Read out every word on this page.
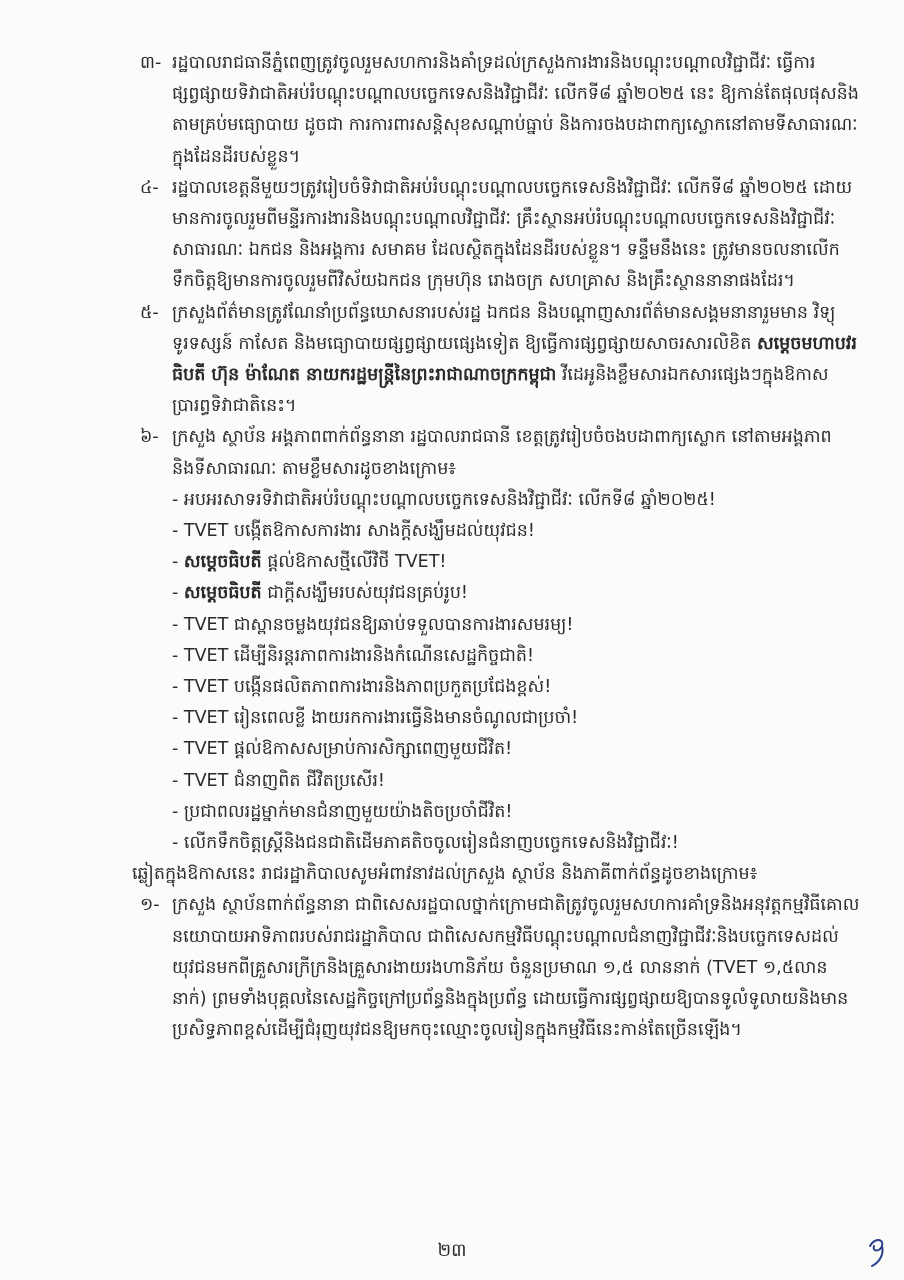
៣- រដ្ឋបាលរាជធានីភ្នំពេញត្រូវចូលរួមសហការនិងគាំទ្រដល់ក្រសួងការងារនិងបណ្តុះបណ្តាលវិជ្ជាជីវៈ ធ្វើការផ្សព្វផ្សាយទិវាជាតិអប់រំបណ្តុះបណ្តាលបច្ចេកទេសនិងវិជ្ជាជីវៈ លើកទី៨ ឆ្នាំ២០២៥ នេះ ឱ្យកាន់តែផុលផុសនិងតាមគ្រប់មធ្យោបាយ ដូចជា ការការពារសន្តិសុខសណ្តាប់ធ្នាប់ និងការចងបដាពាក្យស្លោកនៅតាមទីសាធារណៈក្នុងដែនដីរបស់ខ្លួន។
៤- រដ្ឋបាលខេត្តនីមួយៗត្រូវរៀបចំទិវាជាតិអប់រំបណ្តុះបណ្តាលបច្ចេកទេសនិងវិជ្ជាជីវៈ លើកទី៨ ឆ្នាំ២០២៥ ដោយមានការចូលរួមពីមន្ទីរការងារនិងបណ្តុះបណ្តាលវិជ្ជាជីវៈ គ្រឹះស្ថានអប់រំបណ្តុះបណ្តាលបច្ចេកទេសនិងវិជ្ជាជីវៈសាធារណៈ ឯកជន និងអង្គការ សមាគម ដែលស្ថិតក្នុងដែនដីរបស់ខ្លួន។ ទន្ទឹមនឹងនេះ ត្រូវមានចលនាលើកទឹកចិត្តឱ្យមានការចូលរួមពីវិស័យឯកជន ក្រុមហ៊ុន រោងចក្រ សហគ្រាស និងគ្រឹះស្ថាននានាផងដែរ។
៥- ក្រសួងព័ត៌មានត្រូវណែនាំប្រព័ន្ធឃោសនារបស់រដ្ឋ ឯកជន និងបណ្តាញសារព័ត៌មានសង្គមនានារួមមាន វិទ្យុ ទូរទស្សន៍ កាសែត និងមធ្យោបាយផ្សព្វផ្សាយផ្សេងទៀត ឱ្យធ្វើការផ្សព្វផ្សាយសាចរសារលិខិត សម្តេចមហាបវរធិបតី ហ៊ុន ម៉ាណែត នាយករដ្ឋមន្ត្រីនៃព្រះរាជាណាចក្រកម្ពុជា វីដេអូនិងខ្លឹមសារឯកសារផ្សេងៗក្នុងឱកាសប្រារព្ធទិវាជាតិនេះ។
៦- ក្រសួង ស្ថាប័ន អង្គភាពពាក់ព័ន្ធនានា រដ្ឋបាលរាជធានី ខេត្តត្រូវរៀបចំចងបដាពាក្យស្លោក នៅតាមអង្គភាព និងទីសាធារណៈ តាមខ្លឹមសារដូចខាងក្រោម៖
- អបអរសាទរទិវាជាតិអប់រំបណ្តុះបណ្តាលបច្ចេកទេសនិងវិជ្ជាជីវៈ លើកទី៨ ឆ្នាំ២០២៥!
- TVET បង្កើតឱកាសការងារ សាងក្តីសង្ឃឹមដល់យុវជន!
- សម្តេចធិបតី ផ្តល់ឱកាសថ្មីលើវិថី TVET!
- សម្តេចធិបតី ជាក្តីសង្ឃឹមរបស់យុវជនគ្រប់រូប!
- TVET ជាស្ពានចម្លងយុវជនឱ្យឆាប់ទទួលបានការងារសមរម្យ!
- TVET ដើម្បីនិរន្តរភាពការងារនិងកំណើនសេដ្ឋកិច្ចជាតិ!
- TVET បង្កើនផលិតភាពការងារនិងភាពប្រកួតប្រជែងខ្ពស់!
- TVET រៀនពេលខ្លី ងាយរកការងារធ្វើនិងមានចំណូលជាប្រចាំ!
- TVET ផ្តល់ឱកាសសម្រាប់ការសិក្សាពេញមួយជីវិត!
- TVET ជំនាញពិត ជីវិតប្រសើរ!
- ប្រជាពលរដ្ឋម្នាក់មានជំនាញមួយយ៉ាងតិចប្រចាំជីវិត!
- លើកទឹកចិត្តស្ត្រីនិងជនជាតិដើមភាគតិចចូលរៀនជំនាញបច្ចេកទេសនិងវិជ្ជាជីវៈ!
ឆ្លៀតក្នុងឱកាសនេះ រាជរដ្ឋាភិបាលសូមអំពាវនាវដល់ក្រសួង ស្ថាប័ន និងភាគីពាក់ព័ន្ធដូចខាងក្រោម៖
១- ក្រសួង ស្ថាប័នពាក់ព័ន្ធនានា ជាពិសេសរដ្ឋបាលថ្នាក់ក្រោមជាតិត្រូវចូលរួមសហការគាំទ្រនិងអនុវត្តកម្មវិធីគោលនយោបាយអាទិភាពរបស់រាជរដ្ឋាភិបាល ជាពិសេសកម្មវិធីបណ្តុះបណ្តាលជំនាញវិជ្ជាជីវៈនិងបច្ចេកទេសដល់យុវជនមកពីគ្រួសារក្រីក្រនិងគ្រួសារងាយរងហានិភ័យ ចំនួនប្រមាណ ១,៥ លាននាក់ (TVET ១,៥លាននាក់) ព្រមទាំងបុគ្គលនៃសេដ្ឋកិច្ចក្រៅប្រព័ន្ធនិងក្នុងប្រព័ន្ធ ដោយធ្វើការផ្សព្វផ្សាយឱ្យបានទូលំទូលាយនិងមានប្រសិទ្ធភាពខ្ពស់ដើម្បីជំរុញយុវជនឱ្យមកចុះឈ្មោះចូលរៀនក្នុងកម្មវិធីនេះកាន់តែច្រើនឡើង។
២៣
